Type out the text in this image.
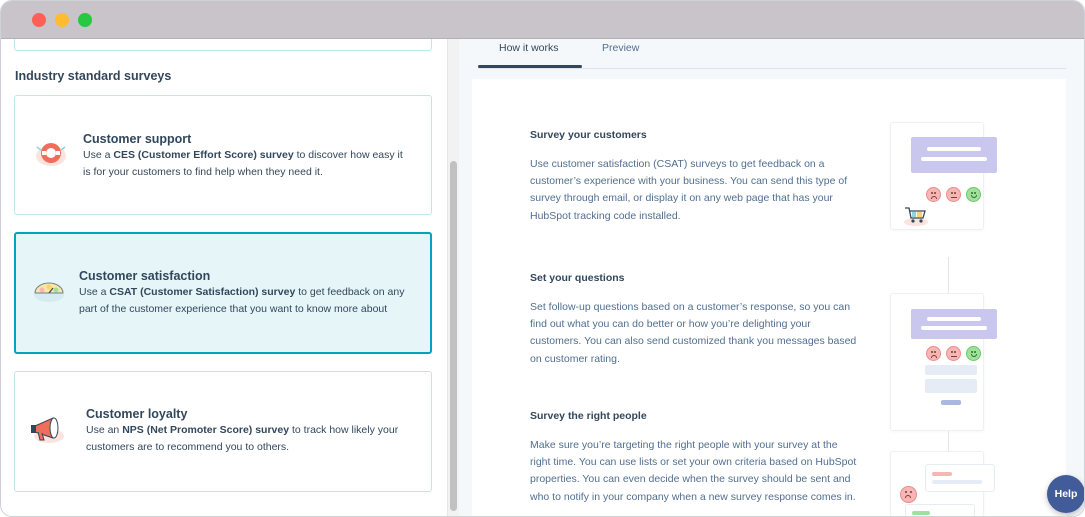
Industry standard surveys
Customer support
Use a CES (Customer Effort Score) survey to discover how easy it is for your customers to find help when they need it.
Customer satisfaction
Use a CSAT (Customer Satisfaction) survey to get feedback on any part of the customer experience that you want to know more about
Customer loyalty
Use an NPS (Net Promoter Score) survey to track how likely your customers are to recommend you to others.
How it works	Preview
Survey your customers
Use customer satisfaction (CSAT) surveys to get feedback on a customer’s experience with your business. You can send this type of survey through email, or display it on any web page that has your HubSpot tracking code installed.
Set your questions
Set follow-up questions based on a customer’s response, so you can find out what you can do better or how you’re delighting your customers. You can also send customized thank you messages based on customer rating.
Survey the right people
Make sure you’re targeting the right people with your survey at the right time. You can use lists or set your own criteria based on HubSpot properties. You can even decide when the survey should be sent and who to notify in your company when a new survey response comes in.	Help
